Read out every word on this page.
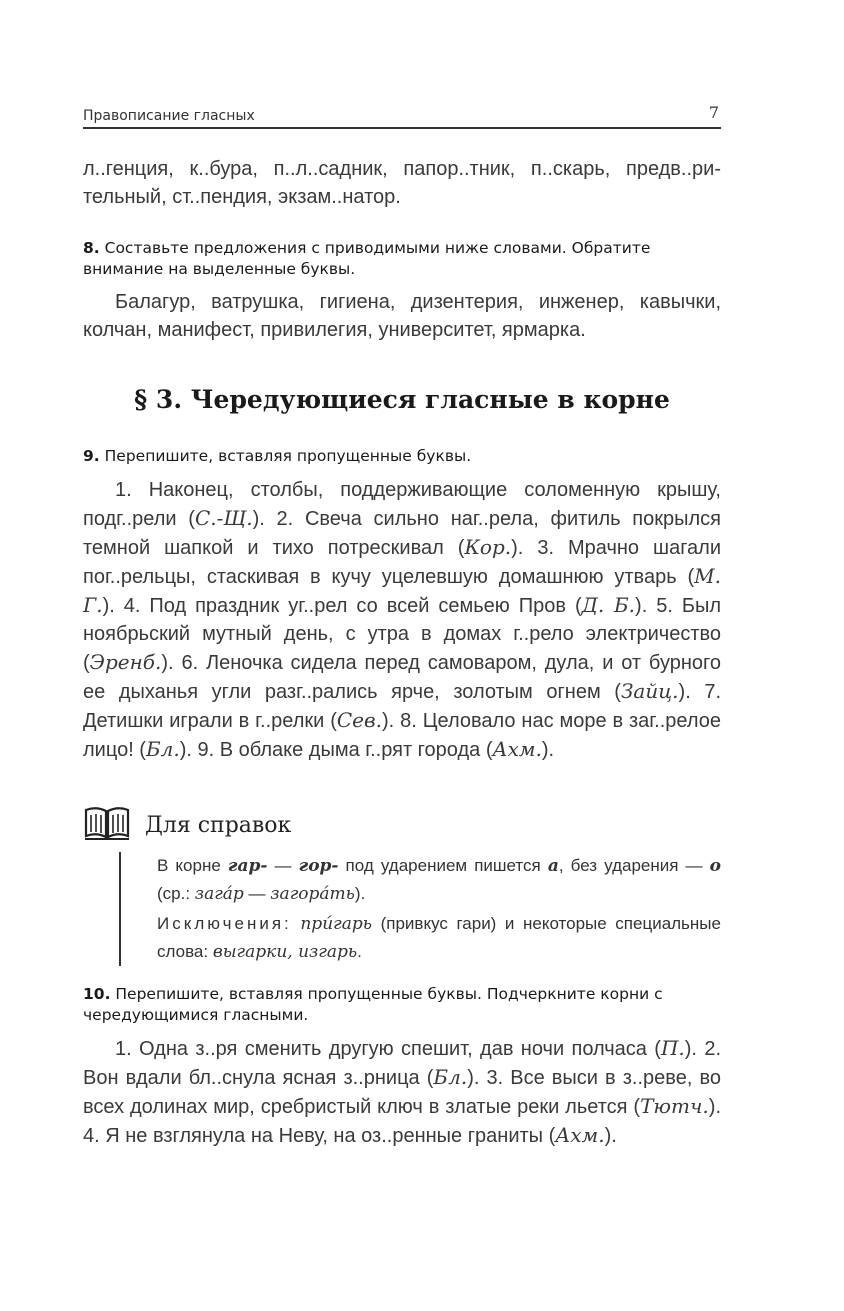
Правописание гласных	7

л..генция, к..бура, п..л..садник, папор..тник, п..скарь, предв..ри-

тельный, ст..пендия, экзам..натор.

8. Составьте предложения с приводимыми ниже словами. Обратите внимание на выделенные буквы.

Балагур, ватрушка, гигиена, дизентерия, инженер, кавычки, колчан, манифест, привилегия, университет, ярмарка.

§ 3. Чередующиеся гласные в корне

9. Перепишите, вставляя пропущенные буквы.

1. Наконец, столбы, поддерживающие соломенную крышу, подг..рели (С.-Щ.). 2. Свеча сильно наг..рела, фитиль покрылся темной шапкой и тихо потрескивал (Кор.). 3. Мрачно шагали пог..рельцы, стаскивая в кучу уцелевшую домашнюю утварь (М. Г.). 4. Под праздник уг..рел со всей семьею Пров (Д. Б.). 5. Был ноябрьский мутный день, с утра в домах г..рело электричество (Эренб.). 6. Леночка сидела перед самоваром, дула, и от бурного ее дыханья угли разг..рались ярче, золотым огнем (Зайц.). 7. Детишки играли в г..релки (Сев.). 8. Целовало нас море в заг..релое лицо! (Бл.). 9. В облаке дыма г..рят города (Ахм.).

Для справок

В корне гар- — гор- под ударением пишется а, без ударения — о (ср.: зага́р — загора́ть).

Исключения: при́гарь (привкус гари) и некоторые специальные слова: выгарки, изгарь.

10. Перепишите, вставляя пропущенные буквы. Подчеркните корни с чередующимися гласными.

1. Одна з..ря сменить другую спешит, дав ночи полчаса (П.). 2. Вон вдали бл..снула ясная з..рница (Бл.). 3. Все выси в з..реве, во всех долинах мир, сребристый ключ в златые реки льется (Тютч.). 4. Я не взглянула на Неву, на оз..ренные граниты (Ахм.).
